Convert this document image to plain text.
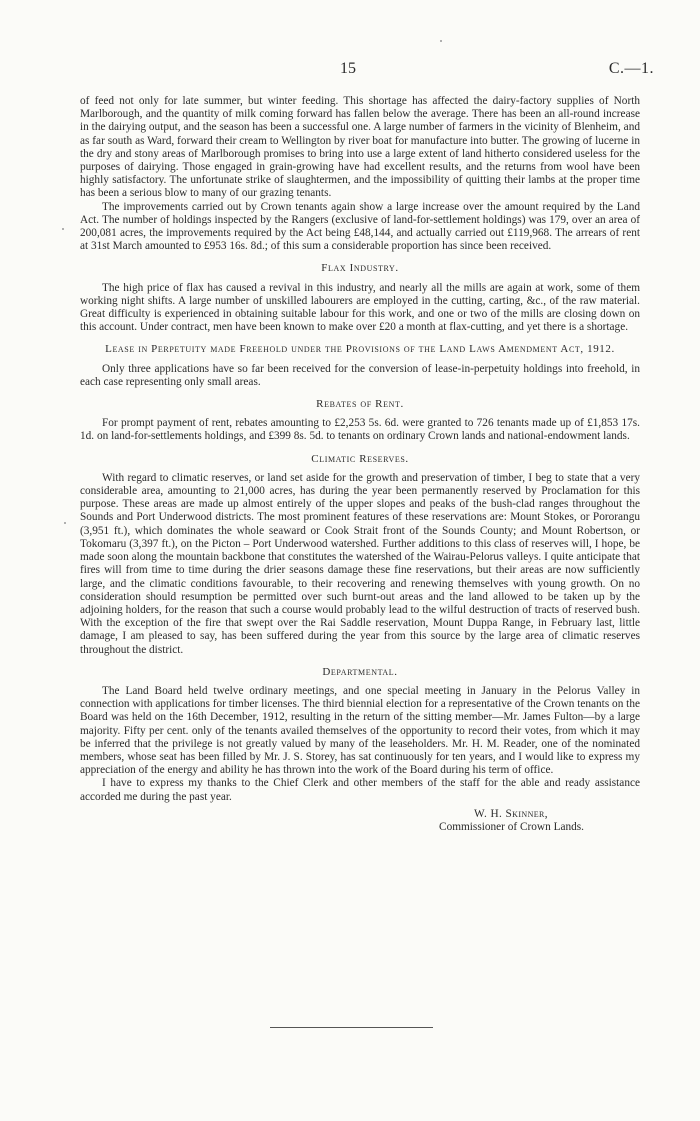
15	C.—1.

of feed not only for late summer, but winter feeding. This shortage has affected the dairy-factory supplies of North Marlborough, and the quantity of milk coming forward has fallen below the average. There has been an all-round increase in the dairying output, and the season has been a successful one. A large number of farmers in the vicinity of Blenheim, and as far south as Ward, forward their cream to Wellington by river boat for manufacture into butter. The growing of lucerne in the dry and stony areas of Marlborough promises to bring into use a large extent of land hitherto considered useless for the purposes of dairying. Those engaged in grain-growing have had excellent results, and the returns from wool have been highly satisfactory. The unfortunate strike of slaughtermen, and the impossibility of quitting their lambs at the proper time has been a serious blow to many of our grazing tenants.

The improvements carried out by Crown tenants again show a large increase over the amount required by the Land Act. The number of holdings inspected by the Rangers (exclusive of land-for-settlement holdings) was 179, over an area of 200,081 acres, the improvements required by the Act being £48,144, and actually carried out £119,968. The arrears of rent at 31st March amounted to £953 16s. 8d.; of this sum a considerable proportion has since been received.

Flax Industry.

The high price of flax has caused a revival in this industry, and nearly all the mills are again at work, some of them working night shifts. A large number of unskilled labourers are employed in the cutting, carting, &c., of the raw material. Great difficulty is experienced in obtaining suitable labour for this work, and one or two of the mills are closing down on this account. Under contract, men have been known to make over £20 a month at flax-cutting, and yet there is a shortage.

Lease in Perpetuity made Freehold under the Provisions of the Land Laws Amendment Act, 1912.

Only three applications have so far been received for the conversion of lease-in-perpetuity holdings into freehold, in each case representing only small areas.

Rebates of Rent.

For prompt payment of rent, rebates amounting to £2,253 5s. 6d. were granted to 726 tenants made up of £1,853 17s. 1d. on land-for-settlements holdings, and £399 8s. 5d. to tenants on ordinary Crown lands and national-endowment lands.

Climatic Reserves.

With regard to climatic reserves, or land set aside for the growth and preservation of timber, I beg to state that a very considerable area, amounting to 21,000 acres, has during the year been permanently reserved by Proclamation for this purpose. These areas are made up almost entirely of the upper slopes and peaks of the bush-clad ranges throughout the Sounds and Port Underwood districts. The most prominent features of these reservations are: Mount Stokes, or Pororangu (3,951 ft.), which dominates the whole seaward or Cook Strait front of the Sounds County; and Mount Robertson, or Tokomaru (3,397 ft.), on the Picton – Port Underwood watershed. Further additions to this class of reserves will, I hope, be made soon along the mountain backbone that constitutes the watershed of the Wairau-Pelorus valleys. I quite anticipate that fires will from time to time during the drier seasons damage these fine reservations, but their areas are now sufficiently large, and the climatic conditions favourable, to their recovering and renewing themselves with young growth. On no consideration should resumption be permitted over such burnt-out areas and the land allowed to be taken up by the adjoining holders, for the reason that such a course would probably lead to the wilful destruction of tracts of reserved bush. With the exception of the fire that swept over the Rai Saddle reservation, Mount Duppa Range, in February last, little damage, I am pleased to say, has been suffered during the year from this source by the large area of climatic reserves throughout the district.

Departmental.

The Land Board held twelve ordinary meetings, and one special meeting in January in the Pelorus Valley in connection with applications for timber licenses. The third biennial election for a representative of the Crown tenants on the Board was held on the 16th December, 1912, resulting in the return of the sitting member—Mr. James Fulton—by a large majority. Fifty per cent. only of the tenants availed themselves of the opportunity to record their votes, from which it may be inferred that the privilege is not greatly valued by many of the leaseholders. Mr. H. M. Reader, one of the nominated members, whose seat has been filled by Mr. J. S. Storey, has sat continuously for ten years, and I would like to express my appreciation of the energy and ability he has thrown into the work of the Board during his term of office.

I have to express my thanks to the Chief Clerk and other members of the staff for the able and ready assistance accorded me during the past year.

W. H. Skinner,
Commissioner of Crown Lands.
